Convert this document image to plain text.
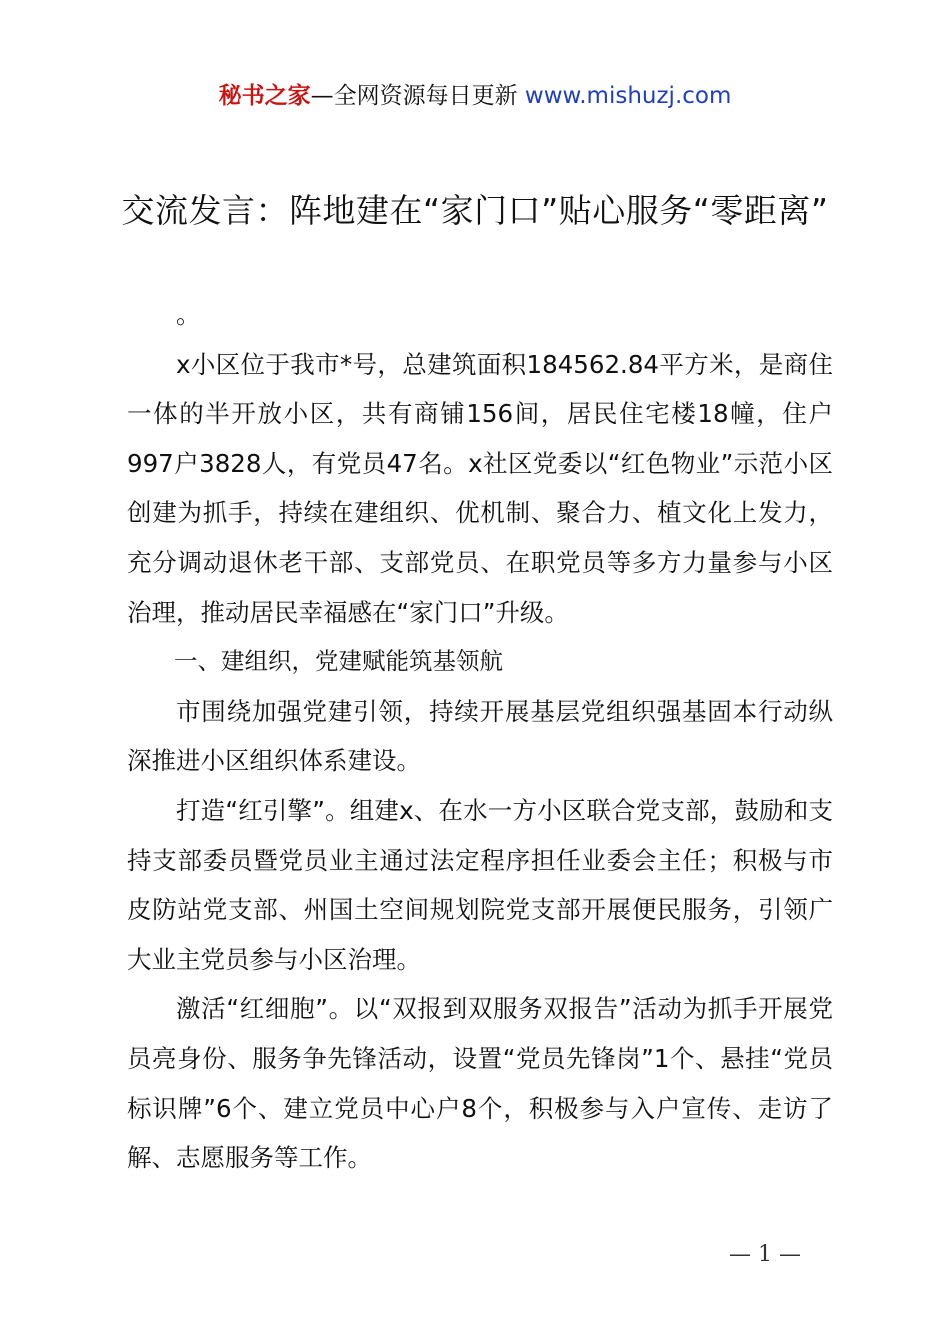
秘书之家—全网资源每日更新 www.mishuzj.com
交流发言：阵地建在“家门口”贴心服务“零距离”

。

x小区位于我市*号，总建筑面积184562.84平方米，是商住一体的半开放小区，共有商铺156间，居民住宅楼18幢，住户997户3828人，有党员47名。x社区党委以“红色物业”示范小区创建为抓手，持续在建组织、优机制、聚合力、植文化上发力，充分调动退休老干部、支部党员、在职党员等多方力量参与小区治理，推动居民幸福感在“家门口”升级。

一、建组织，党建赋能筑基领航

市围绕加强党建引领，持续开展基层党组织强基固本行动纵深推进小区组织体系建设。

打造“红引擎”。组建x、在水一方小区联合党支部，鼓励和支持支部委员暨党员业主通过法定程序担任业委会主任；积极与市皮防站党支部、州国土空间规划院党支部开展便民服务，引领广大业主党员参与小区治理。

激活“红细胞”。以“双报到双服务双报告”活动为抓手开展党员亮身份、服务争先锋活动，设置“党员先锋岗”1个、悬挂“党员标识牌”6个、建立党员中心户8个，积极参与入户宣传、走访了解、志愿服务等工作。

— 1 —
